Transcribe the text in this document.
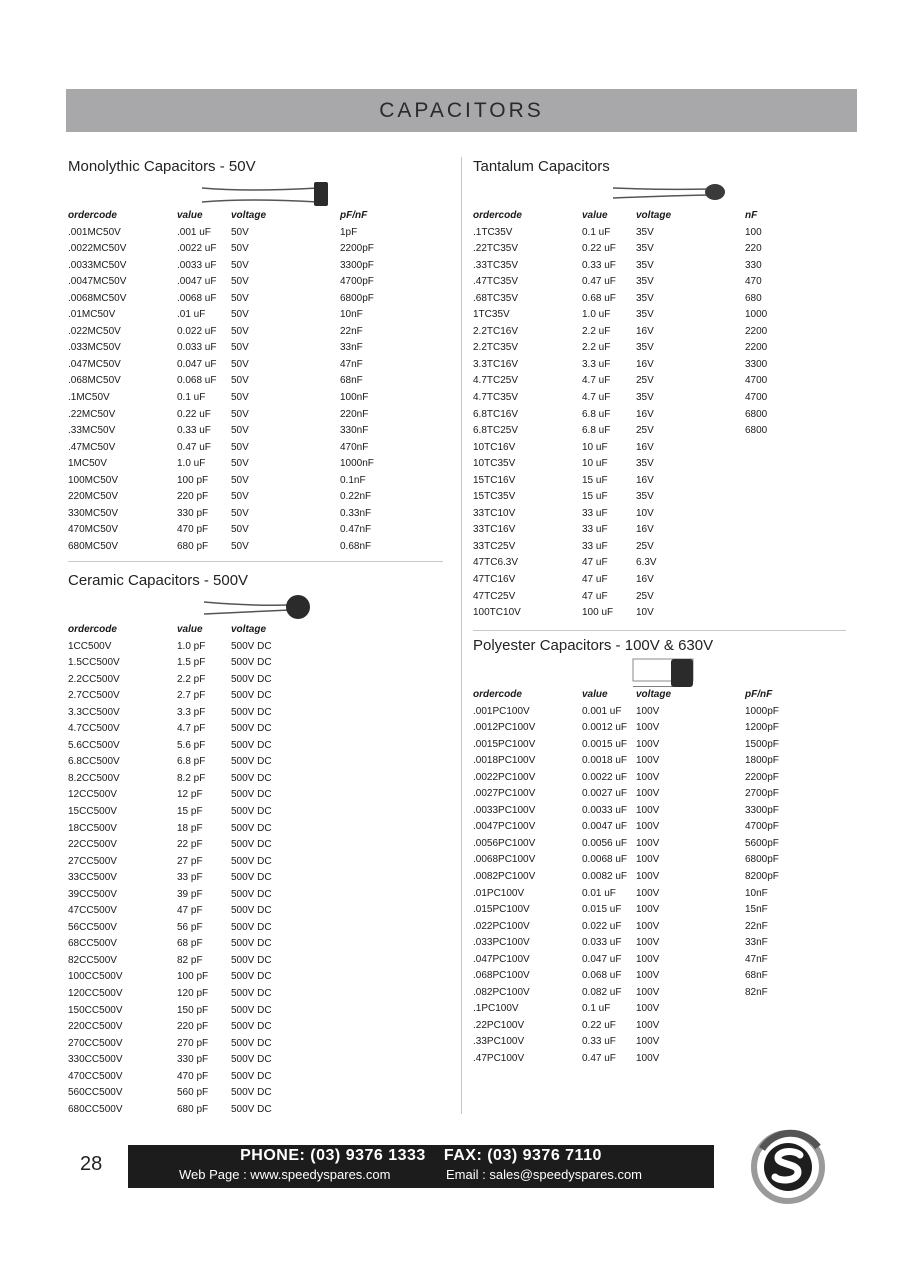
CAPACITORS
Monolythic Capacitors - 50V
ordercode	value	voltage	pF/nF
.001MC50V	.001 uF	50V	1pF
.0022MC50V	.0022 uF	50V	2200pF
.0033MC50V	.0033 uF	50V	3300pF
.0047MC50V	.0047 uF	50V	4700pF
.0068MC50V	.0068 uF	50V	6800pF
.01MC50V	.01 uF	50V	10nF
.022MC50V	0.022 uF	50V	22nF
.033MC50V	0.033 uF	50V	33nF
.047MC50V	0.047 uF	50V	47nF
.068MC50V	0.068 uF	50V	68nF
.1MC50V	0.1 uF	50V	100nF
.22MC50V	0.22 uF	50V	220nF
.33MC50V	0.33 uF	50V	330nF
.47MC50V	0.47 uF	50V	470nF
1MC50V	1.0 uF	50V	1000nF
100MC50V	100 pF	50V	0.1nF
220MC50V	220 pF	50V	0.22nF
330MC50V	330 pF	50V	0.33nF
470MC50V	470 pF	50V	0.47nF
680MC50V	680 pF	50V	0.68nF
Ceramic Capacitors - 500V
ordercode	value	voltage
1CC500V	1.0 pF	500V DC
1.5CC500V	1.5 pF	500V DC
2.2CC500V	2.2 pF	500V DC
2.7CC500V	2.7 pF	500V DC
3.3CC500V	3.3 pF	500V DC
4.7CC500V	4.7 pF	500V DC
5.6CC500V	5.6 pF	500V DC
6.8CC500V	6.8 pF	500V DC
8.2CC500V	8.2 pF	500V DC
12CC500V	12 pF	500V DC
15CC500V	15 pF	500V DC
18CC500V	18 pF	500V DC
22CC500V	22 pF	500V DC
27CC500V	27 pF	500V DC
33CC500V	33 pF	500V DC
39CC500V	39 pF	500V DC
47CC500V	47 pF	500V DC
56CC500V	56 pF	500V DC
68CC500V	68 pF	500V DC
82CC500V	82 pF	500V DC
100CC500V	100 pF	500V DC
120CC500V	120 pF	500V DC
150CC500V	150 pF	500V DC
220CC500V	220 pF	500V DC
270CC500V	270 pF	500V DC
330CC500V	330 pF	500V DC
470CC500V	470 pF	500V DC
560CC500V	560 pF	500V DC
680CC500V	680 pF	500V DC
Tantalum Capacitors
ordercode	value	voltage	nF
.1TC35V	0.1 uF	35V	100
.22TC35V	0.22 uF	35V	220
.33TC35V	0.33 uF	35V	330
.47TC35V	0.47 uF	35V	470
.68TC35V	0.68 uF	35V	680
1TC35V	1.0 uF	35V	1000
2.2TC16V	2.2 uF	16V	2200
2.2TC35V	2.2 uF	35V	2200
3.3TC16V	3.3 uF	16V	3300
4.7TC25V	4.7 uF	25V	4700
4.7TC35V	4.7 uF	35V	4700
6.8TC16V	6.8 uF	16V	6800
6.8TC25V	6.8 uF	25V	6800
10TC16V	10 uF	16V
10TC35V	10 uF	35V
15TC16V	15 uF	16V
15TC35V	15 uF	35V
33TC10V	33 uF	10V
33TC16V	33 uF	16V
33TC25V	33 uF	25V
47TC6.3V	47 uF	6.3V
47TC16V	47 uF	16V
47TC25V	47 uF	25V
100TC10V	100 uF	10V
Polyester Capacitors - 100V & 630V
ordercode	value	voltage	pF/nF
.001PC100V	0.001 uF	100V	1000pF
.0012PC100V	0.0012 uF 100V	1200pF
.0015PC100V	0.0015 uF 100V	1500pF
.0018PC100V	0.0018 uF 100V	1800pF
.0022PC100V	0.0022 uF 100V	2200pF
.0027PC100V	0.0027 uF 100V	2700pF
.0033PC100V	0.0033 uF 100V	3300pF
.0047PC100V	0.0047 uF 100V	4700pF
.0056PC100V	0.0056 uF 100V	5600pF
.0068PC100V	0.0068 uF 100V	6800pF
.0082PC100V	0.0082 uF 100V	8200pF
.01PC100V	0.01 uF	100V	10nF
.015PC100V	0.015 uF	100V	15nF
.022PC100V	0.022 uF	100V	22nF
.033PC100V	0.033 uF	100V	33nF
.047PC100V	0.047 uF	100V	47nF
.068PC100V	0.068 uF	100V	68nF
.082PC100V	0.082 uF	100V	82nF
.1PC100V	0.1 uF	100V
.22PC100V	0.22 uF	100V
.33PC100V	0.33 uF	100V
.47PC100V	0.47 uF	100V
28	PHONE: (03) 9376 1333 FAX: (03) 9376 7110
Web Page : www.speedyspares.com	Email : sales@speedyspares.com
